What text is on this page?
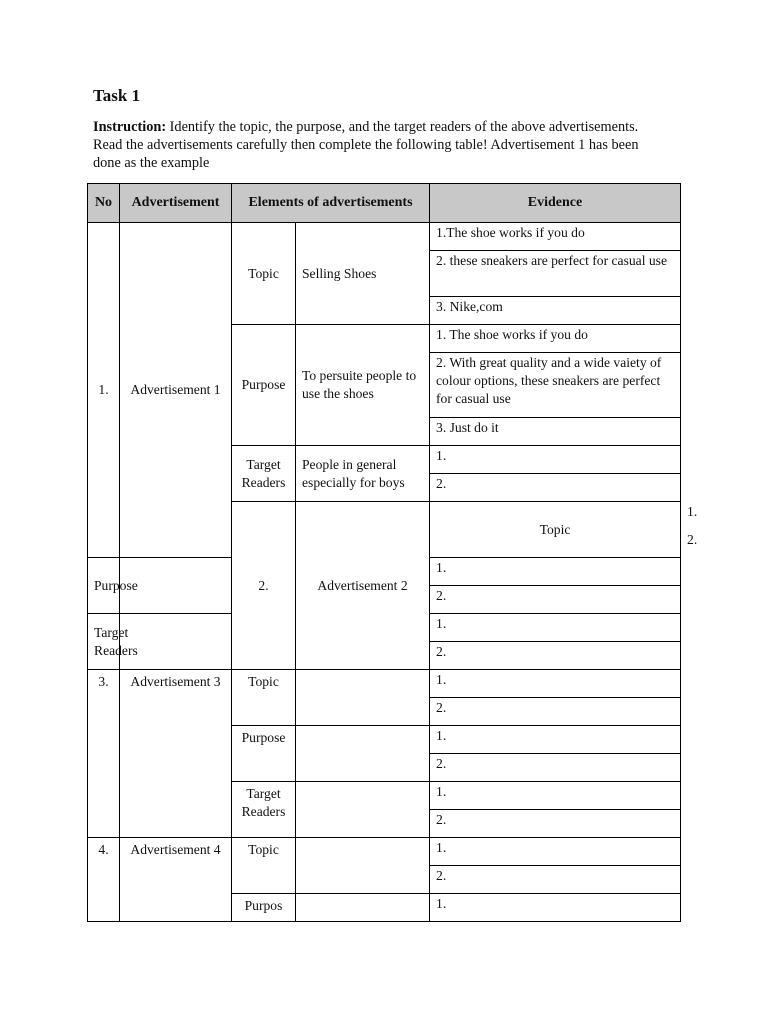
Task 1

Instruction: Identify the topic, the purpose, and the target readers of the above advertisements. Read the advertisements carefully then complete the following table! Advertisement 1 has been done as the example

No	Advertisement	Elements of advertisements		Evidence	
1.	Advertisement 1	Topic	Selling Shoes	1.The shoe works if you do	
				2. these sneakers are perfect for casual use	
				3. Nike,com	
		Purpose	To persuite people to use the shoes	1. The shoe works if you do	
				2. With great quality and a wide vaiety of colour options, these sneakers are perfect for casual use	
				3. Just do it	
		Target Readers	People in general especially for boys	1.	
				2.	
		2.	Advertisement 2	Topic		1.
					2.
Purpose				1.	
				2.	
Target Readers				1.	
				2.	
3.	Advertisement 3	Topic		1.	
				2.	
		Purpose		1.	
				2.	
		Target Readers		1.	
				2.	
4.	Advertisement 4	Topic		1.	
				2.	
		Purpos		1.	
